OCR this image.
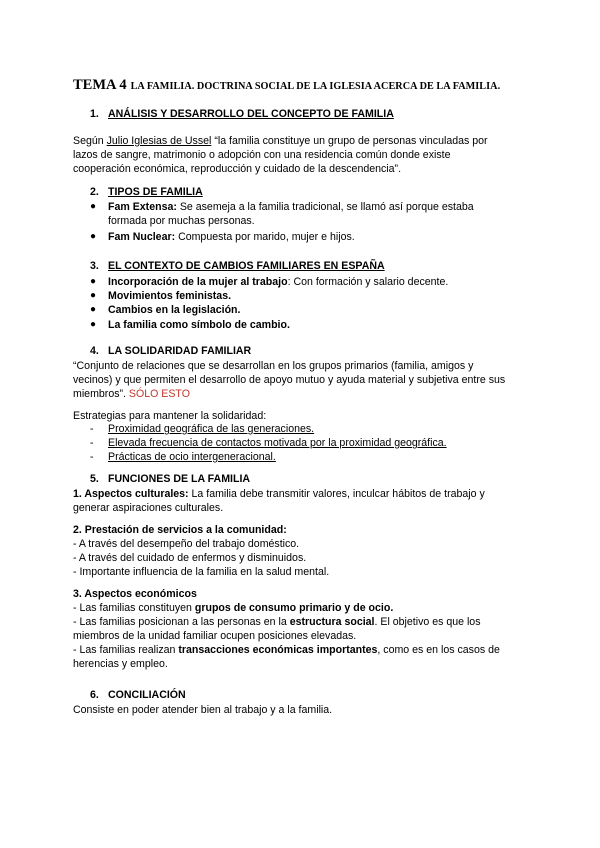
TEMA 4 LA FAMILIA. DOCTRINA SOCIAL DE LA IGLESIA ACERCA DE LA FAMILIA.
1. ANÁLISIS Y DESARROLLO DEL CONCEPTO DE FAMILIA
Según Julio Iglesias de Ussel “la familia constituye un grupo de personas vinculadas por
lazos de sangre, matrimonio o adopción con una residencia común donde existe
cooperación económica, reproducción y cuidado de la descendencia”.
2. TIPOS DE FAMILIA
● Fam Extensa: Se asemeja a la familia tradicional, se llamó así porque estaba
formada por muchas personas.
● Fam Nuclear: Compuesta por marido, mujer e hijos.
3. EL CONTEXTO DE CAMBIOS FAMILIARES EN ESPAÑA
● Incorporación de la mujer al trabajo: Con formación y salario decente.
● Movimientos feministas.
● Cambios en la legislación.
● La familia como símbolo de cambio.
4. LA SOLIDARIDAD FAMILIAR
“Conjunto de relaciones que se desarrollan en los grupos primarios (familia, amigos y
vecinos) y que permiten el desarrollo de apoyo mutuo y ayuda material y subjetiva entre sus
miembros”. SÓLO ESTO
Estrategias para mantener la solidaridad:
- Proximidad geográfica de las generaciones.
- Elevada frecuencia de contactos motivada por la proximidad geográfica.
- Prácticas de ocio intergeneracional.
5. FUNCIONES DE LA FAMILIA
1. Aspectos culturales: La familia debe transmitir valores, inculcar hábitos de trabajo y
generar aspiraciones culturales.
2. Prestación de servicios a la comunidad:
- A través del desempeño del trabajo doméstico.
- A través del cuidado de enfermos y disminuidos.
- Importante influencia de la familia en la salud mental.
3. Aspectos económicos
- Las familias constituyen grupos de consumo primario y de ocio.
- Las familias posicionan a las personas en la estructura social. El objetivo es que los
miembros de la unidad familiar ocupen posiciones elevadas.
- Las familias realizan transacciones económicas importantes, como es en los casos de
herencias y empleo.
6. CONCILIACIÓN
Consiste en poder atender bien al trabajo y a la familia.
